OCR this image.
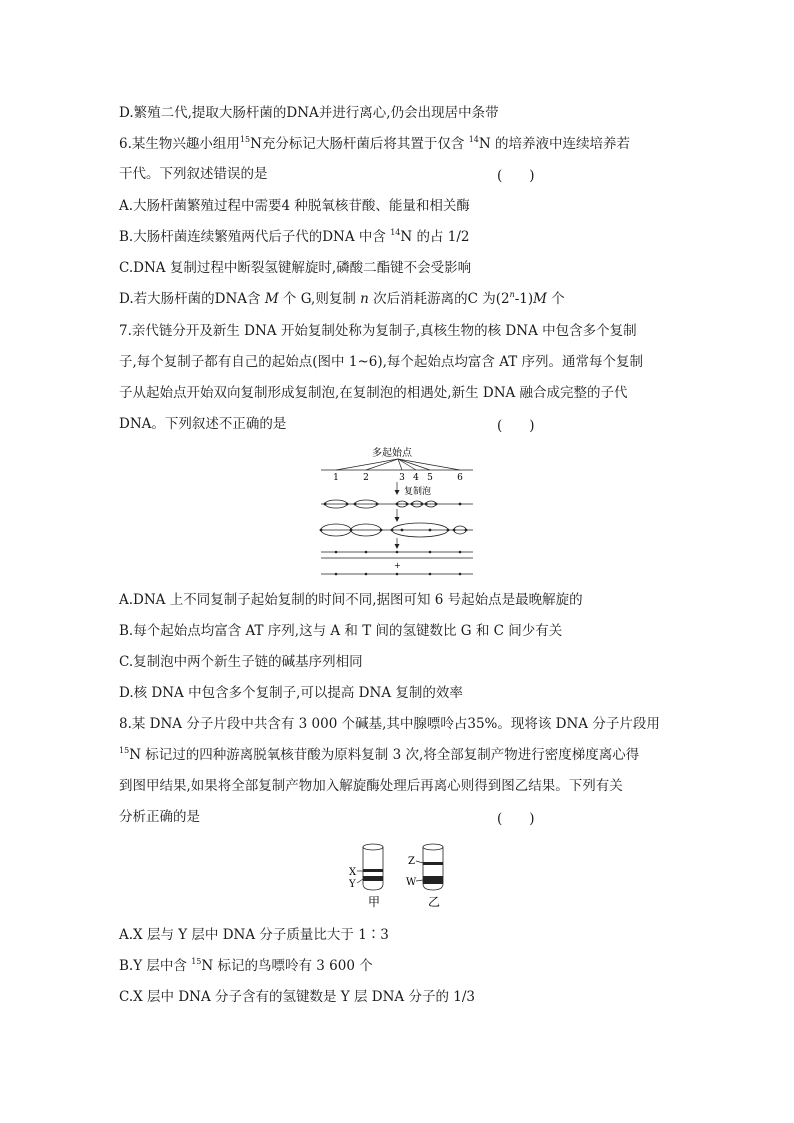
D.繁殖二代,提取大肠杆菌的DNA并进行离心,仍会出现居中条带
6.某生物兴趣小组用$^{15}$N充分标记大肠杆菌后将其置于仅含 $^{14}$N 的培养液中连续培养若
干代。下列叙述错误的是	(　　)
A.大肠杆菌繁殖过程中需要4 种脱氧核苷酸、能量和相关酶
B.大肠杆菌连续繁殖两代后子代的DNA 中含 $^{14}$N 的占 1/2
C.DNA 复制过程中断裂氢键解旋时,磷酸二酯键不会受影响
D.若大肠杆菌的DNA含 M 个 G,则复制 n 次后消耗游离的C 为(2$^n$-1)M 个
7.亲代链分开及新生 DNA 开始复制处称为复制子,真核生物的核 DNA 中包含多个复制
子,每个复制子都有自己的起始点(图中 1~6),每个起始点均富含 AT 序列。通常每个复制
子从起始点开始双向复制形成复制泡,在复制泡的相遇处,新生 DNA 融合成完整的子代
DNA。下列叙述不正确的是	(　　)
多起始点
1	2	3 4 5	6
复制泡
+
A.DNA 上不同复制子起始复制的时间不同,据图可知 6 号起始点是最晚解旋的
B.每个起始点均富含 AT 序列,这与 A 和 T 间的氢键数比 G 和 C 间少有关
C.复制泡中两个新生子链的碱基序列相同
D.核 DNA 中包含多个复制子,可以提高 DNA 复制的效率
8.某 DNA 分子片段中共含有 3 000 个碱基,其中腺嘌呤占35%。现将该 DNA 分子片段用
$^{15}$N 标记过的四种游离脱氧核苷酸为原料复制 3 次,将全部复制产物进行密度梯度离心得
到图甲结果,如果将全部复制产物加入解旋酶处理后再离心则得到图乙结果。下列有关
分析正确的是	(　　)
X
Y
甲
Z
W
乙
A.X 层与 Y 层中 DNA 分子质量比大于 1∶3
B.Y 层中含 $^{15}$N 标记的鸟嘌呤有 3 600 个
C.X 层中 DNA 分子含有的氢键数是 Y 层 DNA 分子的 1/3
